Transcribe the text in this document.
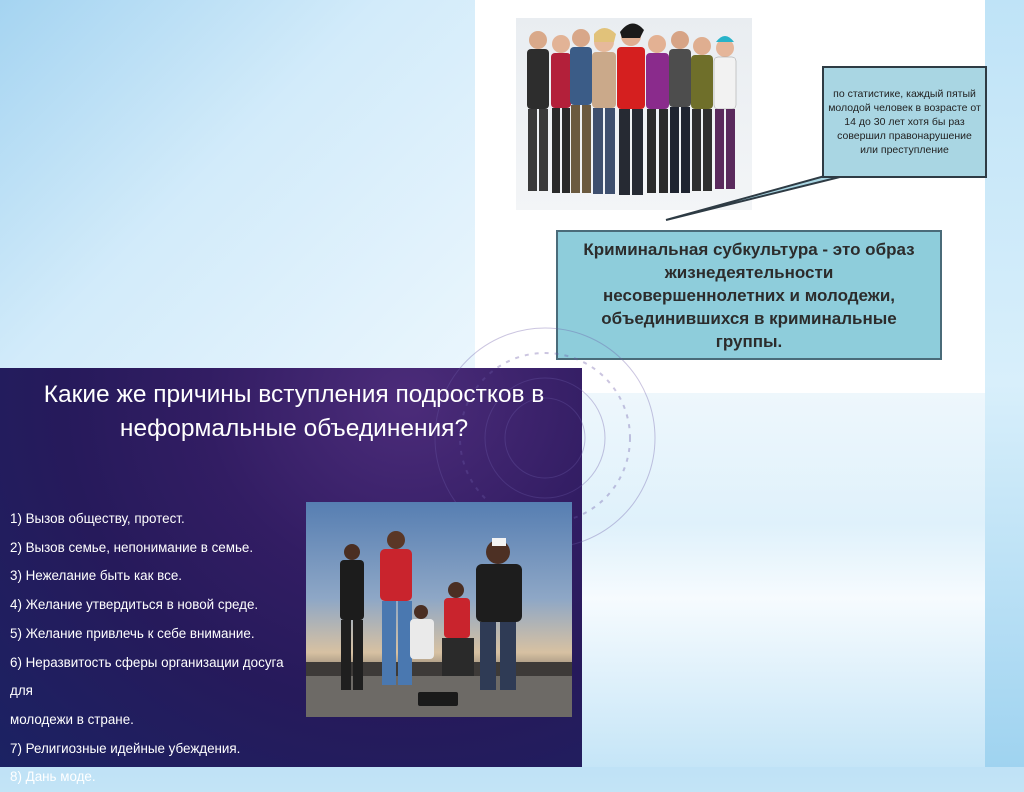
по статистике, каждый пятый молодой человек в возрасте от 14 до 30 лет хотя бы раз совершил правонарушение или преступление
Криминальная субкультура - это образ жизнедеятельности несовершеннолетних и молодежи, объединившихся в криминальные группы.
Какие же причины вступления подростков в неформальные объединения?
1) Вызов обществу, протест.
2) Вызов семье, непонимание в семье.
3) Нежелание быть как все.
4) Желание утвердиться в новой среде.
5) Желание привлечь к себе внимание.
6) Неразвитость сферы организации досуга для
молодежи в стране.
7) Религиозные идейные убеждения.
8) Дань моде.
